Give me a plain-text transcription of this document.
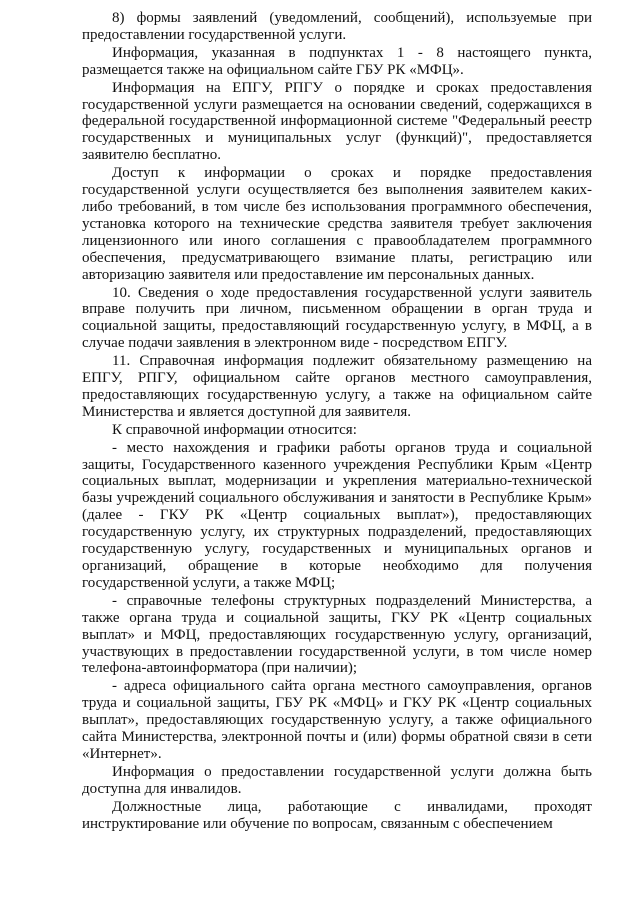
8) формы заявлений (уведомлений, сообщений), используемые при предоставлении государственной услуги.

Информация, указанная в подпунктах 1 - 8 настоящего пункта, размещается также на официальном сайте ГБУ РК «МФЦ».

Информация на ЕПГУ, РПГУ о порядке и сроках предоставления государственной услуги размещается на основании сведений, содержащихся в федеральной государственной информационной системе "Федеральный реестр государственных и муниципальных услуг (функций)", предоставляется заявителю бесплатно.

Доступ к информации о сроках и порядке предоставления государственной услуги осуществляется без выполнения заявителем каких-либо требований, в том числе без использования программного обеспечения, установка которого на технические средства заявителя требует заключения лицензионного или иного соглашения с правообладателем программного обеспечения, предусматривающего взимание платы, регистрацию или авторизацию заявителя или предоставление им персональных данных.

10. Сведения о ходе предоставления государственной услуги заявитель вправе получить при личном, письменном обращении в орган труда и социальной защиты, предоставляющий государственную услугу, в МФЦ, а в случае подачи заявления в электронном виде - посредством ЕПГУ.

11. Справочная информация подлежит обязательному размещению на ЕПГУ, РПГУ, официальном сайте органов местного самоуправления, предоставляющих государственную услугу, а также на официальном сайте Министерства и является доступной для заявителя.

К справочной информации относится:

- место нахождения и графики работы органов труда и социальной защиты, Государственного казенного учреждения Республики Крым «Центр социальных выплат, модернизации и укрепления материально-технической базы учреждений социального обслуживания и занятости в Республике Крым» (далее - ГКУ РК «Центр социальных выплат»), предоставляющих государственную услугу, их структурных подразделений, предоставляющих государственную услугу, государственных и муниципальных органов и организаций, обращение в которые необходимо для получения государственной услуги, а также МФЦ;

- справочные телефоны структурных подразделений Министерства, а также органа труда и социальной защиты, ГКУ РК «Центр социальных выплат» и МФЦ, предоставляющих государственную услугу, организаций, участвующих в предоставлении государственной услуги, в том числе номер телефона-автоинформатора (при наличии);

- адреса официального сайта органа местного самоуправления, органов труда и социальной защиты, ГБУ РК «МФЦ» и ГКУ РК «Центр социальных выплат», предоставляющих государственную услугу, а также официального сайта Министерства, электронной почты и (или) формы обратной связи в сети «Интернет».

Информация о предоставлении государственной услуги должна быть доступна для инвалидов.

Должностные лица, работающие с инвалидами, проходят инструктирование или обучение по вопросам, связанным с обеспечением
